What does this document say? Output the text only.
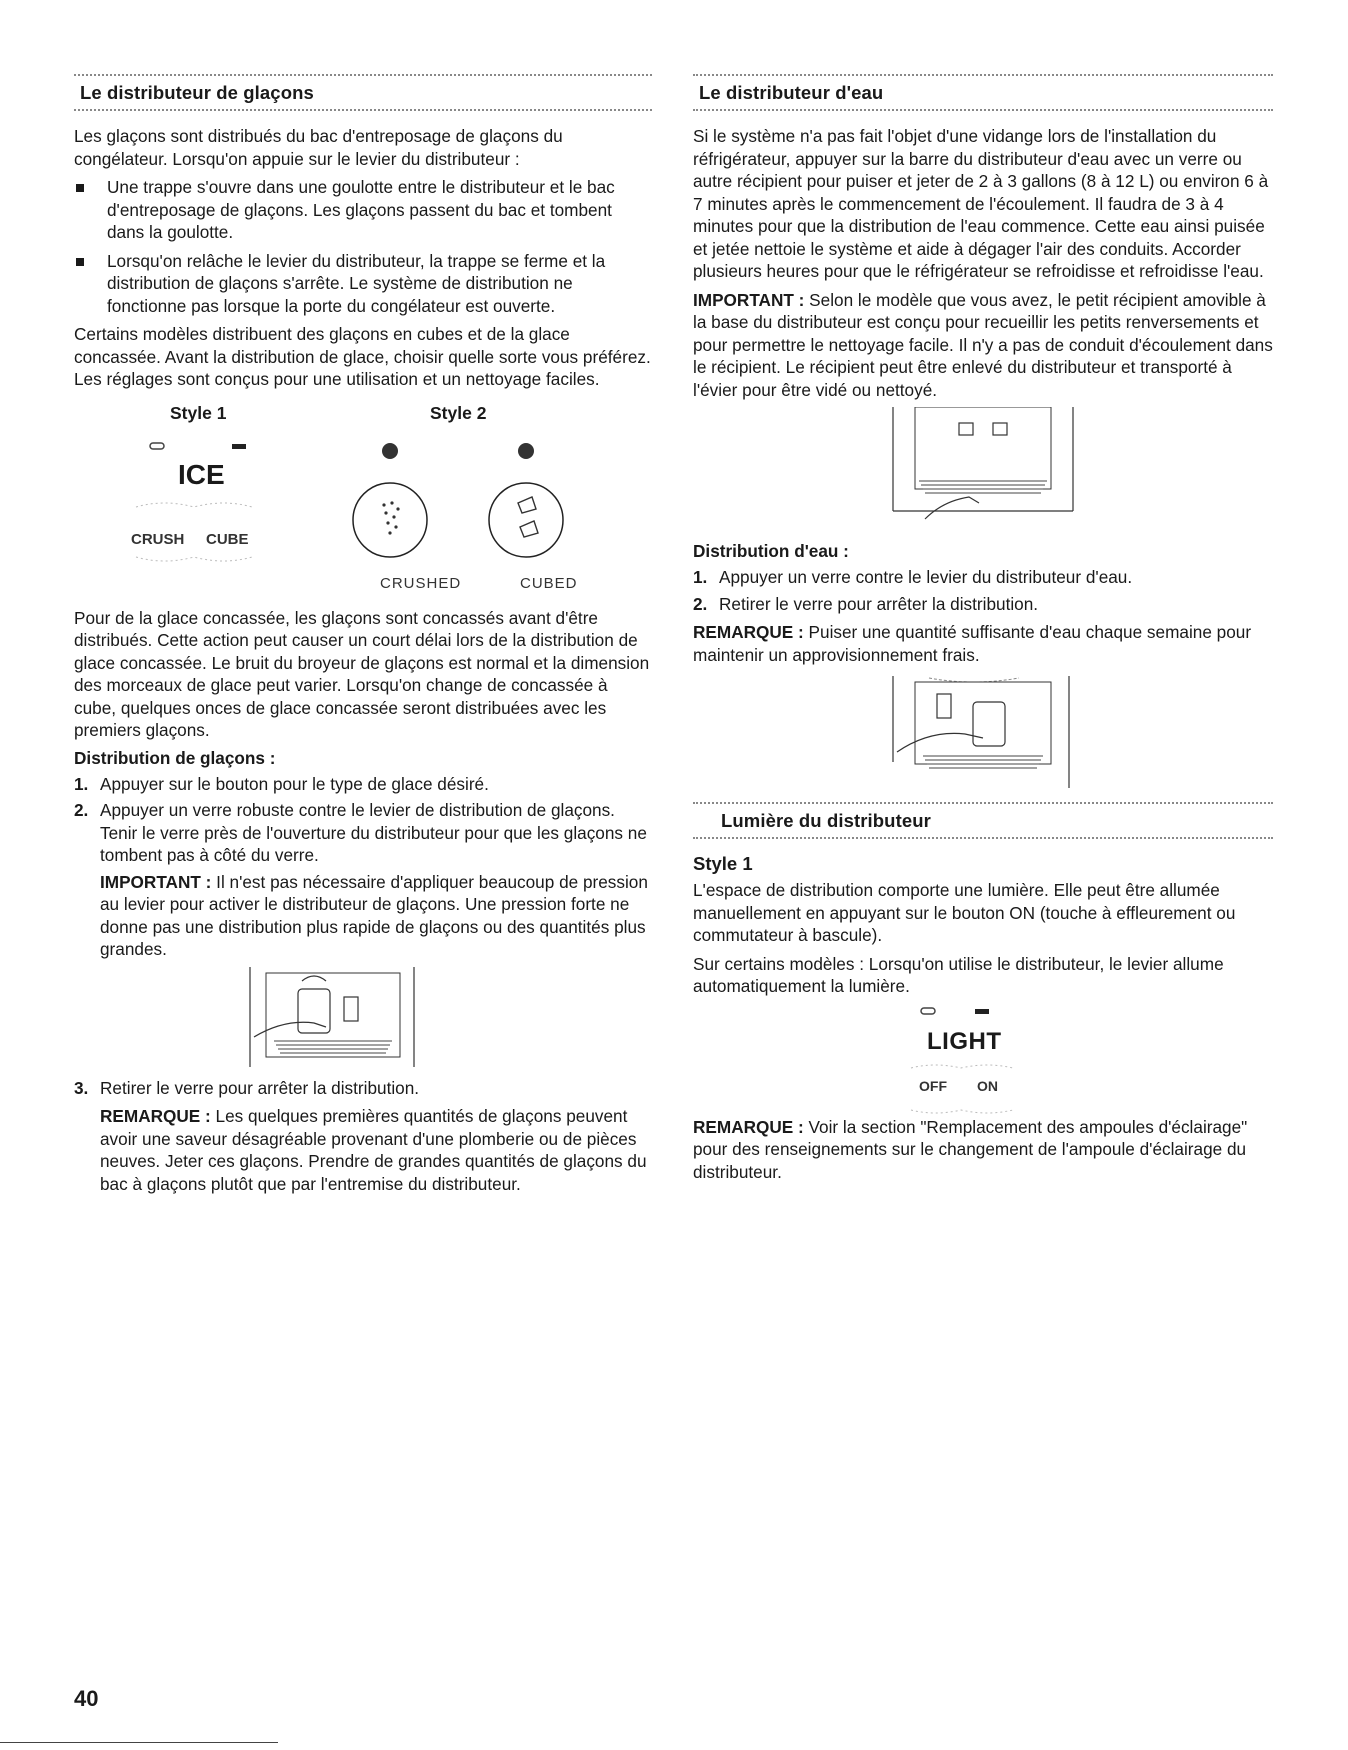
Le distributeur de glaçons

Les glaçons sont distribués du bac d'entreposage de glaçons du congélateur. Lorsqu'on appuie sur le levier du distributeur :

Une trappe s'ouvre dans une goulotte entre le distributeur et le bac d'entreposage de glaçons. Les glaçons passent du bac et tombent dans la goulotte.
Lorsqu'on relâche le levier du distributeur, la trappe se ferme et la distribution de glaçons s'arrête. Le système de distribution ne fonctionne pas lorsque la porte du congélateur est ouverte.

Certains modèles distribuent des glaçons en cubes et de la glace concassée. Avant la distribution de glace, choisir quelle sorte vous préférez. Les réglages sont conçus pour une utilisation et un nettoyage faciles.

Style 1	Style 2
ICE
CRUSH CUBE
CRUSHED	CUBED

Pour de la glace concassée, les glaçons sont concassés avant d'être distribués. Cette action peut causer un court délai lors de la distribution de glace concassée. Le bruit du broyeur de glaçons est normal et la dimension des morceaux de glace peut varier. Lorsqu'on change de concassée à cube, quelques onces de glace concassée seront distribuées avec les premiers glaçons.

Distribution de glaçons :
1. Appuyer sur le bouton pour le type de glace désiré.
2. Appuyer un verre robuste contre le levier de distribution de glaçons. Tenir le verre près de l'ouverture du distributeur pour que les glaçons ne tombent pas à côté du verre.
IMPORTANT : Il n'est pas nécessaire d'appliquer beaucoup de pression au levier pour activer le distributeur de glaçons. Une pression forte ne donne pas une distribution plus rapide de glaçons ou des quantités plus grandes.
3. Retirer le verre pour arrêter la distribution.
REMARQUE : Les quelques premières quantités de glaçons peuvent avoir une saveur désagréable provenant d'une plomberie ou de pièces neuves. Jeter ces glaçons. Prendre de grandes quantités de glaçons du bac à glaçons plutôt que par l'entremise du distributeur.
Le distributeur d'eau

Si le système n'a pas fait l'objet d'une vidange lors de l'installation du réfrigérateur, appuyer sur la barre du distributeur d'eau avec un verre ou autre récipient pour puiser et jeter de 2 à 3 gallons (8 à 12 L) ou environ 6 à 7 minutes après le commencement de l'écoulement. Il faudra de 3 à 4 minutes pour que la distribution de l'eau commence. Cette eau ainsi puisée et jetée nettoie le système et aide à dégager l'air des conduits. Accorder plusieurs heures pour que le réfrigérateur se refroidisse et refroidisse l'eau.

IMPORTANT : Selon le modèle que vous avez, le petit récipient amovible à la base du distributeur est conçu pour recueillir les petits renversements et pour permettre le nettoyage facile. Il n'y a pas de conduit d'écoulement dans le récipient. Le récipient peut être enlevé du distributeur et transporté à l'évier pour être vidé ou nettoyé.

Distribution d'eau :
1. Appuyer un verre contre le levier du distributeur d'eau.
2. Retirer le verre pour arrêter la distribution.

REMARQUE : Puiser une quantité suffisante d'eau chaque semaine pour maintenir un approvisionnement frais.

Lumière du distributeur
Style 1

L'espace de distribution comporte une lumière. Elle peut être allumée manuellement en appuyant sur le bouton ON (touche à effleurement ou commutateur à bascule).

Sur certains modèles : Lorsqu'on utilise le distributeur, le levier allume automatiquement la lumière.

LIGHT
OFF ON

REMARQUE : Voir la section "Remplacement des ampoules d'éclairage" pour des renseignements sur le changement de l'ampoule d'éclairage du distributeur.

40
